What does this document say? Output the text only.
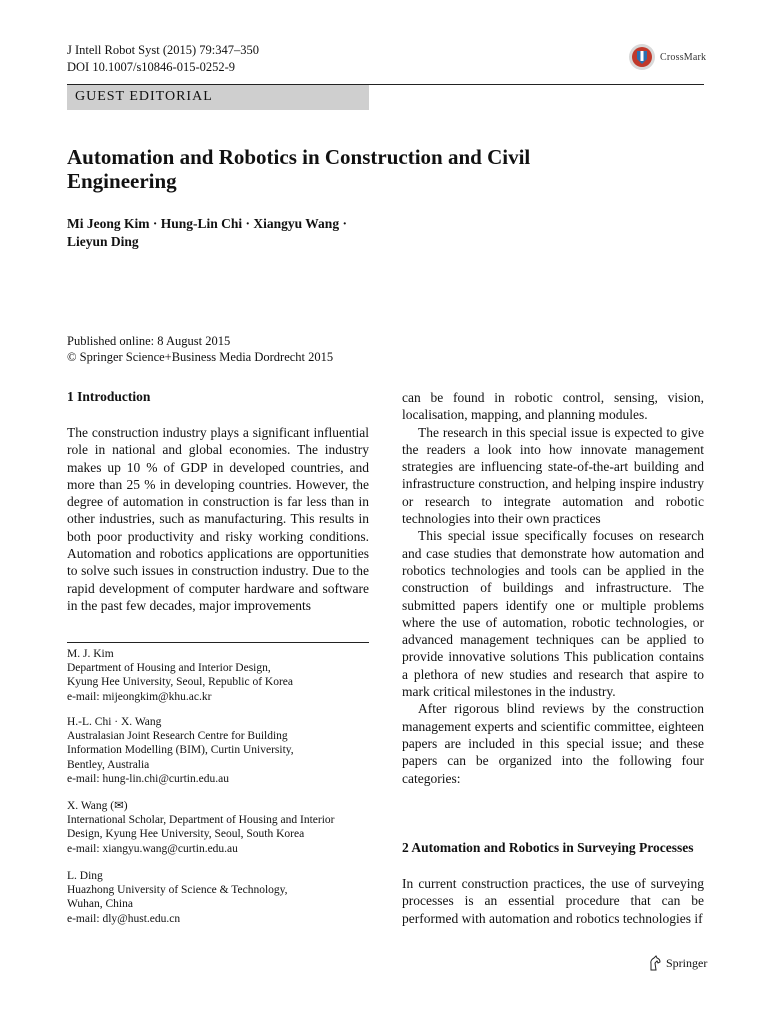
J Intell Robot Syst (2015) 79:347–350
DOI 10.1007/s10846-015-0252-9
CrossMark
GUEST EDITORIAL
Automation and Robotics in Construction and Civil Engineering
Mi Jeong Kim · Hung-Lin Chi · Xiangyu Wang ·
Lieyun Ding
Published online: 8 August 2015
© Springer Science+Business Media Dordrecht 2015
1 Introduction

The construction industry plays a significant influential role in national and global economies. The industry makes up 10 % of GDP in developed countries, and more than 25 % in developing countries. However, the degree of automation in construction is far less than in other industries, such as manufacturing. This results in both poor productivity and risky working conditions. Automation and robotics applications are opportunities to solve such issues in construction industry. Due to the rapid development of computer hardware and software in the past few decades, major improvements

M. J. Kim
Department of Housing and Interior Design,
Kyung Hee University, Seoul, Republic of Korea
e-mail: mijeongkim@khu.ac.kr
H.-L. Chi · X. Wang
Australasian Joint Research Centre for Building
Information Modelling (BIM), Curtin University,
Bentley, Australia
e-mail: hung-lin.chi@curtin.edu.au
X. Wang (✉)
International Scholar, Department of Housing and Interior
Design, Kyung Hee University, Seoul, South Korea
e-mail: xiangyu.wang@curtin.edu.au
L. Ding
Huazhong University of Science & Technology,
Wuhan, China
e-mail: dly@hust.edu.cn

can be found in robotic control, sensing, vision, localisation, mapping, and planning modules.

The research in this special issue is expected to give the readers a look into how innovate management strategies are influencing state-of-the-art building and infrastructure construction, and helping inspire industry or research to integrate automation and robotic technologies into their own practices

This special issue specifically focuses on research and case studies that demonstrate how automation and robotics technologies and tools can be applied in the construction of buildings and infrastructure. The submitted papers identify one or multiple problems where the use of automation, robotic technologies, or advanced management techniques can be applied to provide innovative solutions This publication contains a plethora of new studies and research that aspire to mark critical milestones in the industry.

After rigorous blind reviews by the construction management experts and scientific committee, eighteen papers are included in this special issue; and these papers can be organized into the following four categories:

2 Automation and Robotics in Surveying Processes

In current construction practices, the use of surveying processes is an essential procedure that can be performed with automation and robotics technologies if

Springer
